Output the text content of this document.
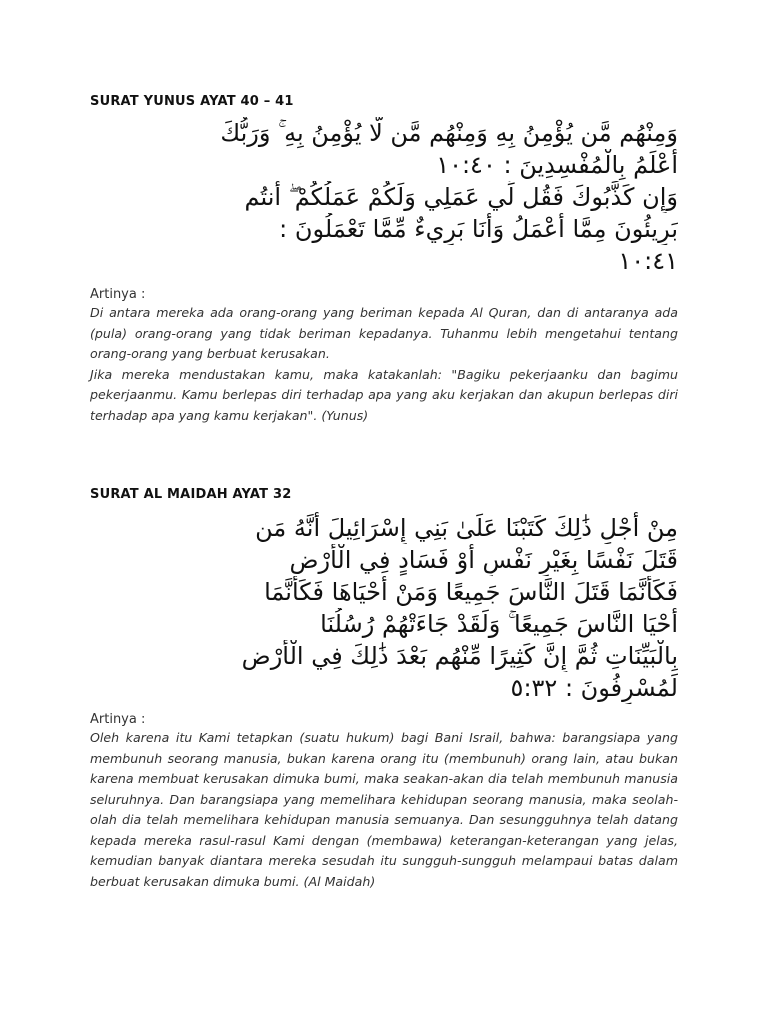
SURAT YUNUS AYAT 40 – 41
وَمِنْهُم مَّن يُؤْمِنُ بِهِ وَمِنْهُم مَّن لَّا يُؤْمِنُ بِهِ ۚ وَرَبُّكَ
أَعْلَمُ بِالْمُفْسِدِينَ : ١٠:٤٠
وَإِن كَذَّبُوكَ فَقُل لِّي عَمَلِي وَلَكُمْ عَمَلُكُمْ ۖ أَنتُم
بَرِيئُونَ مِمَّا أَعْمَلُ وَأَنَا بَرِيءٌ مِّمَّا تَعْمَلُونَ :
١٠:٤١

Artinya :

Di antara mereka ada orang-orang yang beriman kepada Al Quran, dan di antaranya ada (pula) orang-orang yang tidak beriman kepadanya. Tuhanmu lebih mengetahui tentang orang-orang yang berbuat kerusakan.

Jika mereka mendustakan kamu, maka katakanlah: "Bagiku pekerjaanku dan bagimu pekerjaanmu. Kamu berlepas diri terhadap apa yang aku kerjakan dan akupun berlepas diri terhadap apa yang kamu kerjakan". (Yunus)

SURAT AL MAIDAH AYAT 32
مِنْ أَجْلِ ذَٰلِكَ كَتَبْنَا عَلَىٰ بَنِي إِسْرَائِيلَ أَنَّهُ مَن
قَتَلَ نَفْسًا بِغَيْرِ نَفْسٍ أَوْ فَسَادٍ فِي الْأَرْضِ
فَكَأَنَّمَا قَتَلَ النَّاسَ جَمِيعًا وَمَنْ أَحْيَاهَا فَكَأَنَّمَا
أَحْيَا النَّاسَ جَمِيعًا ۚ وَلَقَدْ جَاءَتْهُمْ رُسُلُنَا
بِالْبَيِّنَاتِ ثُمَّ إِنَّ كَثِيرًا مِّنْهُم بَعْدَ ذَٰلِكَ فِي الْأَرْضِ
لَمُسْرِفُونَ : ٥:٣٢

Artinya :

Oleh karena itu Kami tetapkan (suatu hukum) bagi Bani Israil, bahwa: barangsiapa yang membunuh seorang manusia, bukan karena orang itu (membunuh) orang lain, atau bukan karena membuat kerusakan dimuka bumi, maka seakan-akan dia telah membunuh manusia seluruhnya. Dan barangsiapa yang memelihara kehidupan seorang manusia, maka seolah-olah dia telah memelihara kehidupan manusia semuanya. Dan sesungguhnya telah datang kepada mereka rasul-rasul Kami dengan (membawa) keterangan-keterangan yang jelas, kemudian banyak diantara mereka sesudah itu sungguh-sungguh melampaui batas dalam berbuat kerusakan dimuka bumi. (Al Maidah)
